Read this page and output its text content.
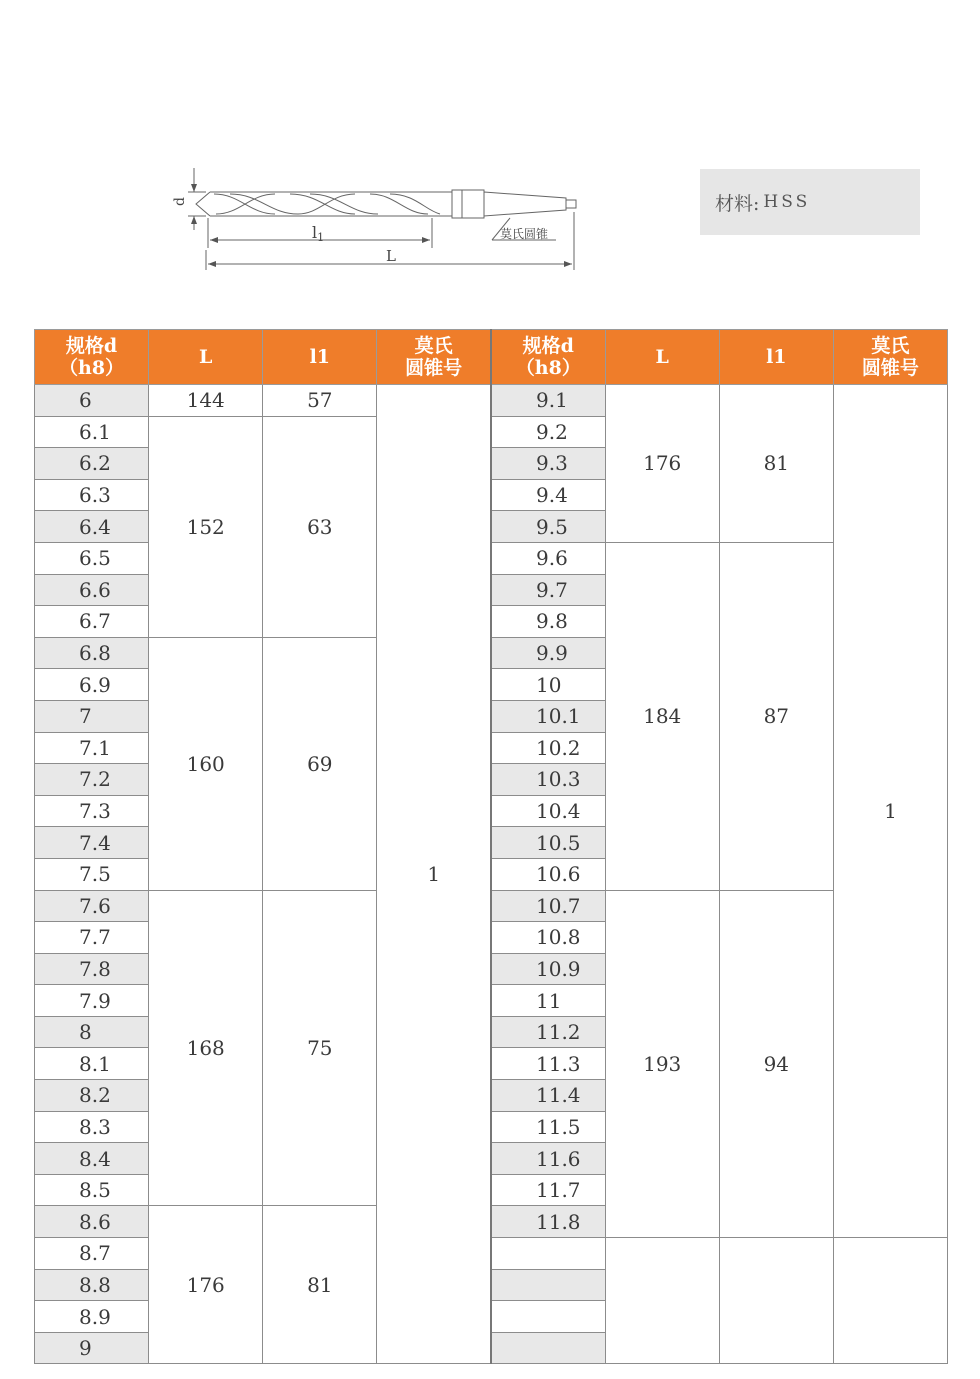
d
l1
L
莫氏圆锥
材料: HSS
规格d
（h8）	L	l1	莫氏
圆锥号	规格d
（h8）	L	l1	莫氏
圆锥号
6	144	57	1	9.1	176	81	1
6.1	152	63		9.2			
6.2				9.3			
6.3				9.4			
6.4				9.5			
6.5				9.6	184	87	
6.6				9.7			
6.7				9.8			
6.8	160	69		9.9			
6.9				10			
7				10.1			
7.1				10.2			
7.2				10.3			
7.3				10.4			
7.4				10.5			
7.5				10.6			
7.6	168	75		10.7	193	94	
7.7				10.8			
7.8				10.9			
7.9				11			
8				11.2			
8.1				11.3			
8.2				11.4			
8.3				11.5			
8.4				11.6			
8.5				11.7			
8.6	176	81		11.8			
8.7							
8.8							
8.9							
9							
